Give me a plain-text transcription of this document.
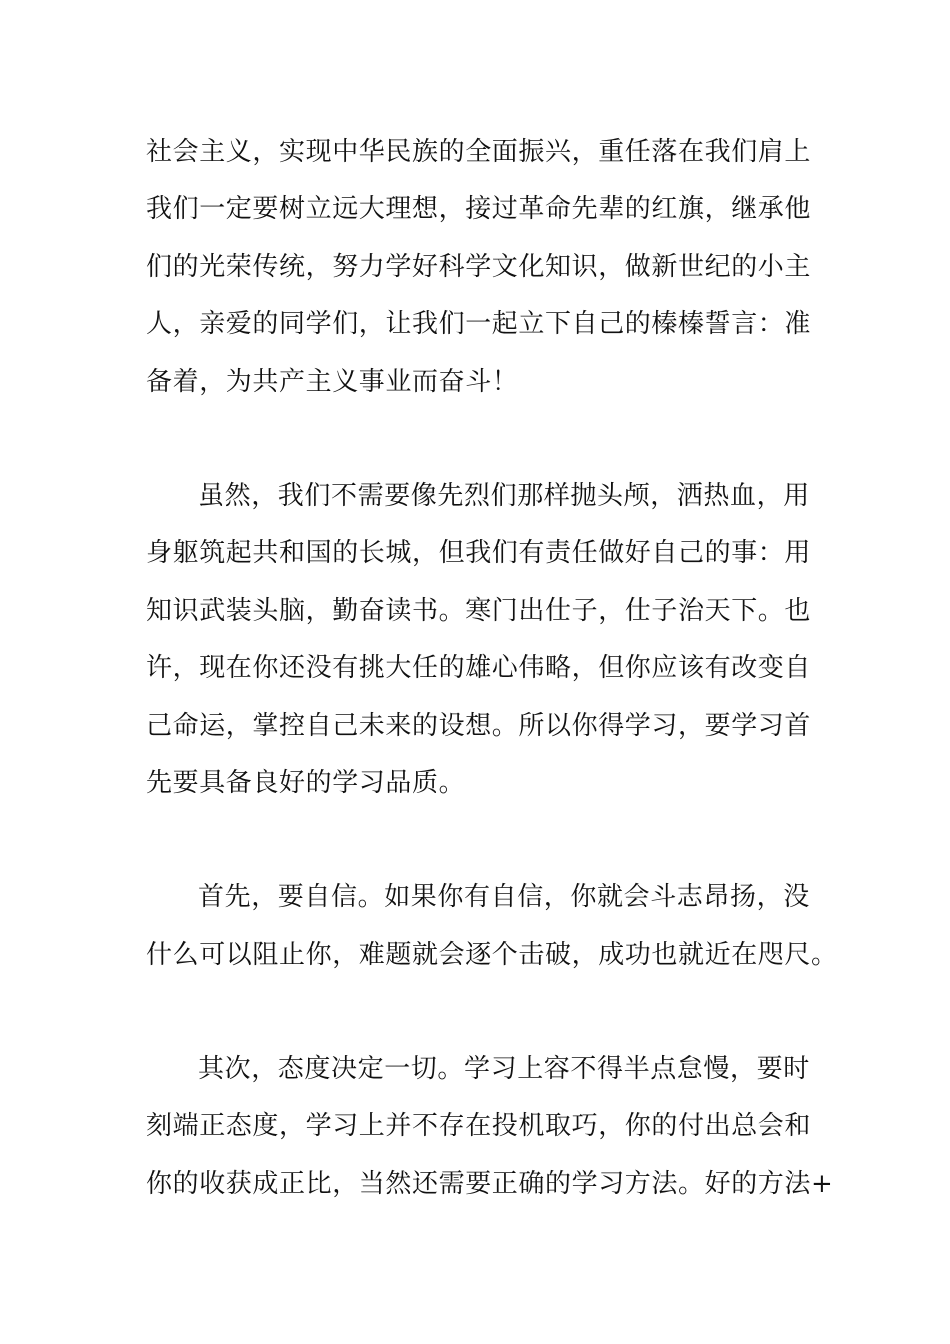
社会主义，实现中华民族的全面振兴，重任落在我们肩上
我们一定要树立远大理想，接过革命先辈的红旗，继承他
们的光荣传统，努力学好科学文化知识，做新世纪的小主
人，亲爱的同学们，让我们一起立下自己的榛榛誓言：准
备着，为共产主义事业而奋斗！
虽然，我们不需要像先烈们那样抛头颅，洒热血，用
身躯筑起共和国的长城，但我们有责任做好自己的事：用
知识武装头脑，勤奋读书。寒门出仕子，仕子治天下。也
许，现在你还没有挑大任的雄心伟略，但你应该有改变自
己命运，掌控自己未来的设想。所以你得学习，要学习首
先要具备良好的学习品质。
首先，要自信。如果你有自信，你就会斗志昂扬，没
什么可以阻止你，难题就会逐个击破，成功也就近在咫尺。
其次，态度决定一切。学习上容不得半点怠慢，要时
刻端正态度，学习上并不存在投机取巧，你的付出总会和
你的收获成正比，当然还需要正确的学习方法。好的方法+
